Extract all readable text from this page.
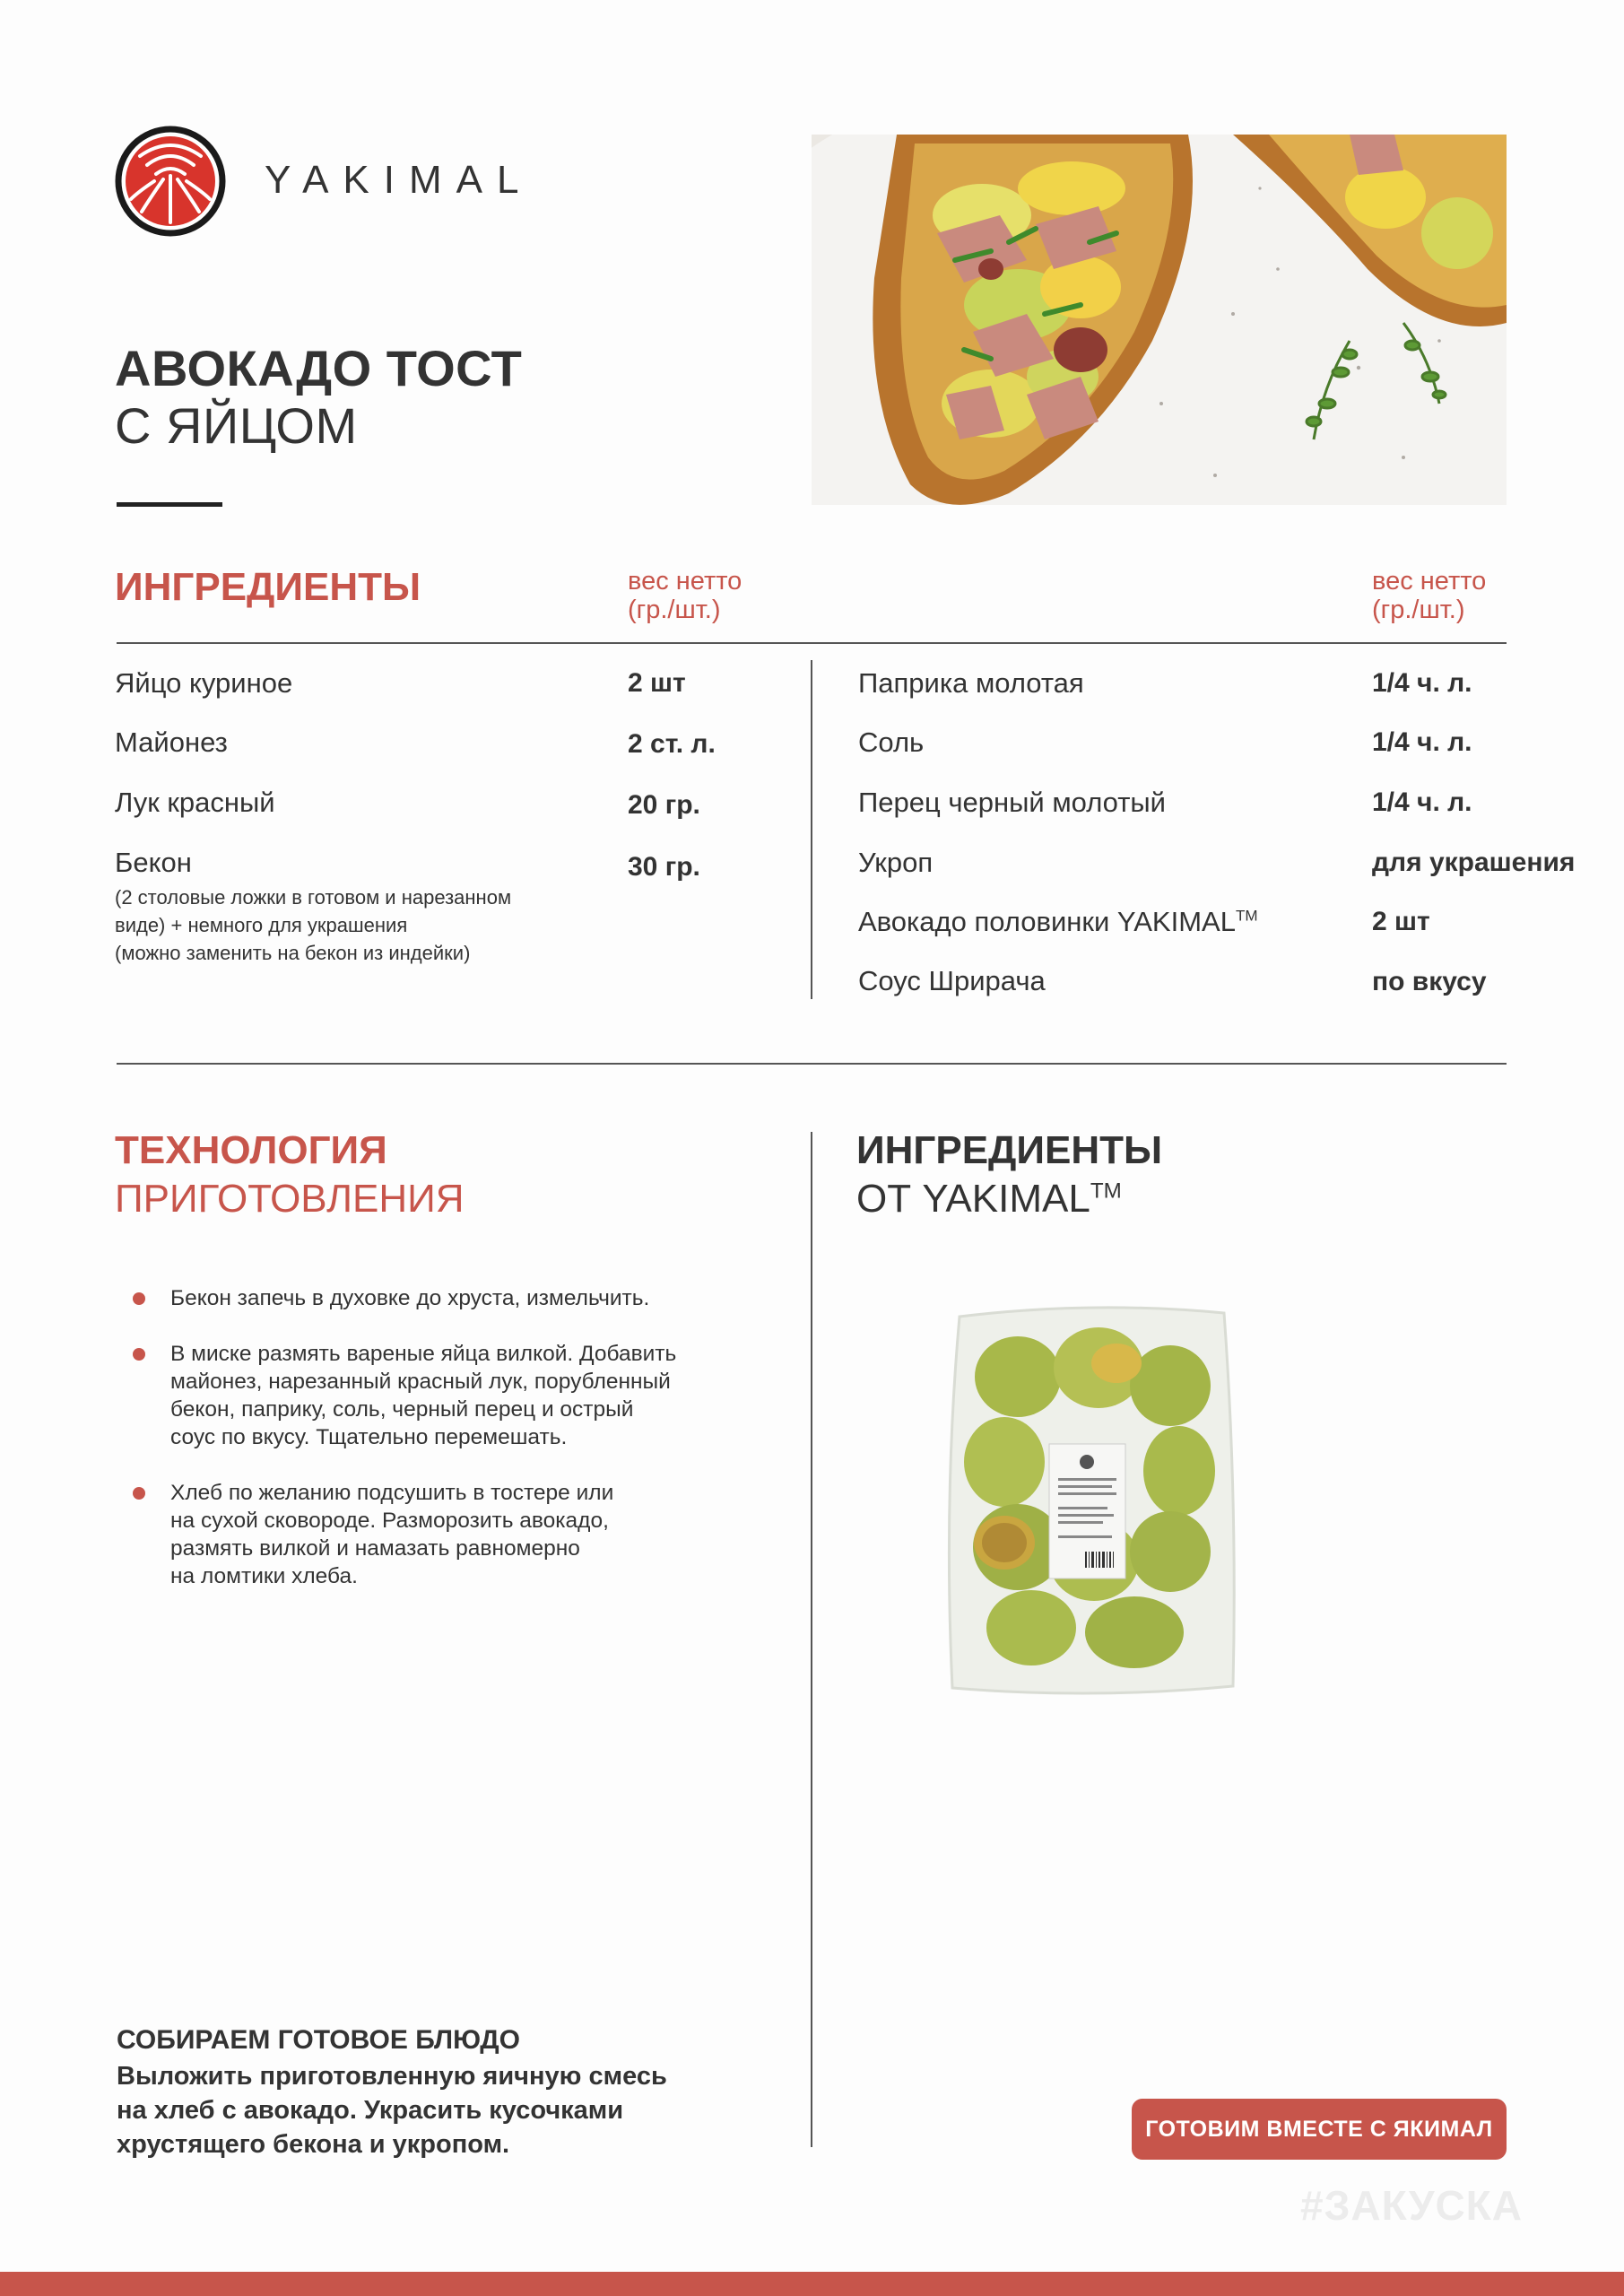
YAKIMAL
АВОКАДО ТОСТ
С ЯЙЦОМ
ИНГРЕДИЕНТЫ	вес нетто
(гр./шт.)
вес нетто
(гр./шт.)
Яйцо куриное	2 шт
Майонез	2 ст. л.
Лук красный	20 гр.
Бекон	30 гр.
(2 столовые ложки в готовом и нарезанном
виде) + немного для украшения
(можно заменить на бекон из индейки)
Паприка молотая	1/4 ч. л.
Соль	1/4 ч. л.
Перец черный молотый	1/4 ч. л.
Укроп	для украшения
Авокадо половинки YAKIMAL™	2 шт
Соус Шрирача	по вкусу
ТЕХНОЛОГИЯ
ПРИГОТОВЛЕНИЯ
Бекон запечь в духовке до хруста, измельчить.
В миске размять вареные яйца вилкой. Добавить
майонез, нарезанный красный лук, порубленный
бекон, паприку, соль, черный перец и острый
соус по вкусу. Тщательно перемешать.
Хлеб по желанию подсушить в тостере или
на сухой сковороде. Разморозить авокадо,
размять вилкой и намазать равномерно
на ломтики хлеба.
ИНГРЕДИЕНТЫ
ОТ YAKIMAL™
СОБИРАЕМ ГОТОВОЕ БЛЮДО
Выложить приготовленную яичную смесь
на хлеб с авокадо. Украсить кусочками
хрустящего бекона и укропом.
ГОТОВИМ ВМЕСТЕ С ЯКИМАЛ
#ЗАКУСКА
